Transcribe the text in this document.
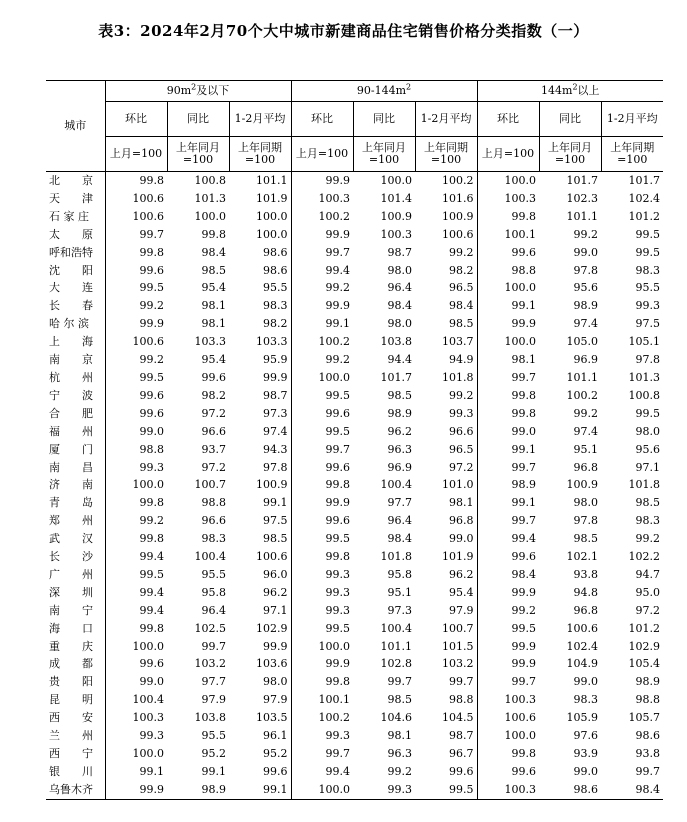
表3：2024年2月70个大中城市新建商品住宅销售价格分类指数（一）
城市	$90m^2$及以下			$90-144m^2$			$144m^2$以上		
	环比	同比	1-2月平均	环比	同比	1-2月平均	环比	同比	1-2月平均
	上月=100	上年同月=100	上年同期=100	上月=100	上年同月=100	上年同期=100	上月=100	上年同月=100	上年同期=100
北　　京	99.8	100.8	101.1	99.9	100.0	100.2	100.0	101.7	101.7
天　　津	100.6	101.3	101.9	100.3	101.4	101.6	100.3	102.3	102.4
石 家 庄	100.6	100.0	100.0	100.2	100.9	100.9	99.8	101.1	101.2
太　　原	99.7	99.8	100.0	99.9	100.3	100.6	100.1	99.2	99.5
呼和浩特	99.8	98.4	98.6	99.7	98.7	99.2	99.6	99.0	99.5
沈　　阳	99.6	98.5	98.6	99.4	98.0	98.2	98.8	97.8	98.3
大　　连	99.5	95.4	95.5	99.2	96.4	96.5	100.0	95.6	95.5
长　　春	99.2	98.1	98.3	99.9	98.4	98.4	99.1	98.9	99.3
哈 尔 滨	99.9	98.1	98.2	99.1	98.0	98.5	99.9	97.4	97.5
上　　海	100.6	103.3	103.3	100.2	103.8	103.7	100.0	105.0	105.1
南　　京	99.2	95.4	95.9	99.2	94.4	94.9	98.1	96.9	97.8
杭　　州	99.5	99.6	99.9	100.0	101.7	101.8	99.7	101.1	101.3
宁　　波	99.6	98.2	98.7	99.5	98.5	99.2	99.8	100.2	100.8
合　　肥	99.6	97.2	97.3	99.6	98.9	99.3	99.8	99.2	99.5
福　　州	99.0	96.6	97.4	99.5	96.2	96.6	99.0	97.4	98.0
厦　　门	98.8	93.7	94.3	99.7	96.3	96.5	99.1	95.1	95.6
南　　昌	99.3	97.2	97.8	99.6	96.9	97.2	99.7	96.8	97.1
济　　南	100.0	100.7	100.9	99.8	100.4	101.0	98.9	100.9	101.8
青　　岛	99.8	98.8	99.1	99.9	97.7	98.1	99.1	98.0	98.5
郑　　州	99.2	96.6	97.5	99.6	96.4	96.8	99.7	97.8	98.3
武　　汉	99.8	98.3	98.5	99.5	98.4	99.0	99.4	98.5	99.2
长　　沙	99.4	100.4	100.6	99.8	101.8	101.9	99.6	102.1	102.2
广　　州	99.5	95.5	96.0	99.3	95.8	96.2	98.4	93.8	94.7
深　　圳	99.4	95.8	96.2	99.3	95.1	95.4	99.9	94.8	95.0
南　　宁	99.4	96.4	97.1	99.3	97.3	97.9	99.2	96.8	97.2
海　　口	99.8	102.5	102.9	99.5	100.4	100.7	99.5	100.6	101.2
重　　庆	100.0	99.7	99.9	100.0	101.1	101.5	99.9	102.4	102.9
成　　都	99.6	103.2	103.6	99.9	102.8	103.2	99.9	104.9	105.4
贵　　阳	99.0	97.7	98.0	99.8	99.7	99.7	99.7	99.0	98.9
昆　　明	100.4	97.9	97.9	100.1	98.5	98.8	100.3	98.3	98.8
西　　安	100.3	103.8	103.5	100.2	104.6	104.5	100.6	105.9	105.7
兰　　州	99.3	95.5	96.1	99.3	98.1	98.7	100.0	97.6	98.6
西　　宁	100.0	95.2	95.2	99.7	96.3	96.7	99.8	93.9	93.8
银　　川	99.1	99.1	99.6	99.4	99.2	99.6	99.6	99.0	99.7
乌鲁木齐	99.9	98.9	99.1	100.0	99.3	99.5	100.3	98.6	98.4
